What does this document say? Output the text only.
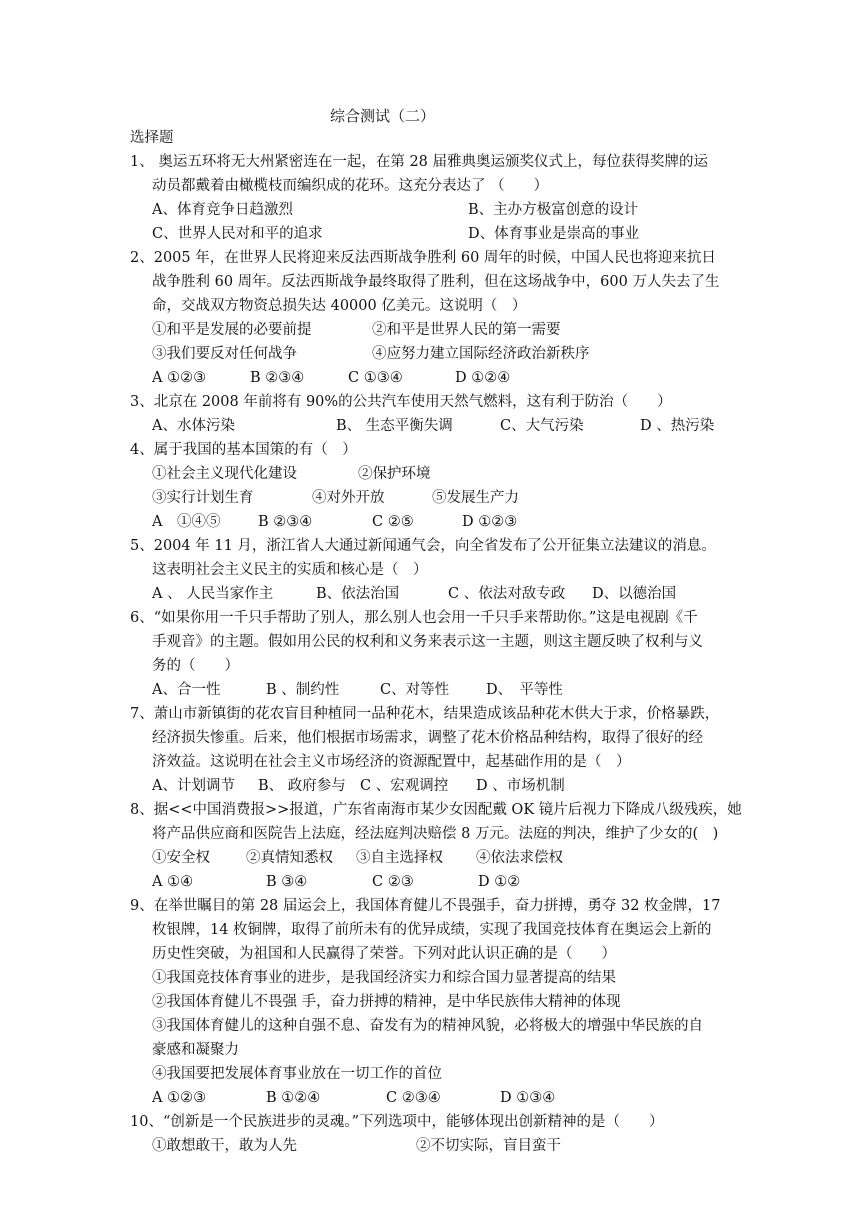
综合测试（二）
选择题
1、 奥运五环将无大州紧密连在一起，在第 28 届雅典奥运颁奖仪式上，每位获得奖牌的运
动员都戴着由橄榄枝而编织成的花环。这充分表达了 （　　）
A、体育竞争日趋激烈	B、主办方极富创意的设计
C、世界人民对和平的追求	D、体育事业是崇高的事业
2、2005 年，在世界人民将迎来反法西斯战争胜利 60 周年的时候，中国人民也将迎来抗日
战争胜利 60 周年。反法西斯战争最终取得了胜利，但在这场战争中，600 万人失去了生
命，交战双方物资总损失达 40000 亿美元。这说明（　）
①和平是发展的必要前提	②和平是世界人民的第一需要
③我们要反对任何战争	④应努力建立国际经济政治新秩序
A ①②③	B ②③④	C ①③④	D ①②④
3、北京在 2008 年前将有 90%的公共汽车使用天然气燃料，这有利于防治（　　）
A、水体污染	B、 生态平衡失调	C、大气污染	D 、热污染
4、属于我国的基本国策的有（　）
①社会主义现代化建设	②保护环境
③实行计划生育	④对外开放	⑤发展生产力
A　①④⑤	B ②③④	C ②⑤	D ①②③
5、2004 年 11 月，浙江省人大通过新闻通气会，向全省发布了公开征集立法建议的消息。
这表明社会主义民主的实质和核心是（　）
A 、 人民当家作主	B、依法治国	C 、依法对敌专政 D、以德治国
6、“如果你用一千只手帮助了别人，那么别人也会用一千只手来帮助你。”这是电视剧《千
手观音》的主题。假如用公民的权利和义务来表示这一主题，则这主题反映了权利与义
务的（　　）
A、合一性	B 、制约性	C、对等性	D、　平等性
7、萧山市新镇街的花农盲目种植同一品种花木，结果造成该品种花木供大于求，价格暴跌，
经济损失惨重。后来，他们根据市场需求，调整了花木价格品种结构，取得了很好的经
济效益。这说明在社会主义市场经济的资源配置中，起基础作用的是（　）
A、计划调节 B、 政府参与 C 、宏观调控 D 、市场机制
8、据<<中国消费报>>报道，广东省南海市某少女因配戴 OK 镜片后视力下降成八级残疾，她
将产品供应商和医院告上法庭，经法庭判决赔偿 8 万元。法庭的判决，维护了少女的(　)
①安全权 ②真情知悉权 ③自主选择权 ④依法求偿权
A ①④	B ③④	C ②③	D ①②
9、在举世瞩目的第 28 届运会上，我国体育健儿不畏强手，奋力拼搏，勇夺 32 枚金牌，17
枚银牌，14 枚铜牌，取得了前所未有的优异成绩，实现了我国竞技体育在奥运会上新的
历史性突破，为祖国和人民赢得了荣誉。下列对此认识正确的是（　　）
①我国竞技体育事业的进步，是我国经济实力和综合国力显著提高的结果
②我国体育健儿不畏强 手，奋力拼搏的精神，是中华民族伟大精神的体现
③我国体育健儿的这种自强不息、奋发有为的精神风貌，必将极大的增强中华民族的自
豪感和凝聚力
④我国要把发展体育事业放在一切工作的首位
A ①②③	B ①②④	C ②③④	D ①③④
10、“创新是一个民族进步的灵魂。”下列选项中，能够体现出创新精神的是（　　）
①敢想敢干，敢为人先	②不切实际，盲目蛮干
